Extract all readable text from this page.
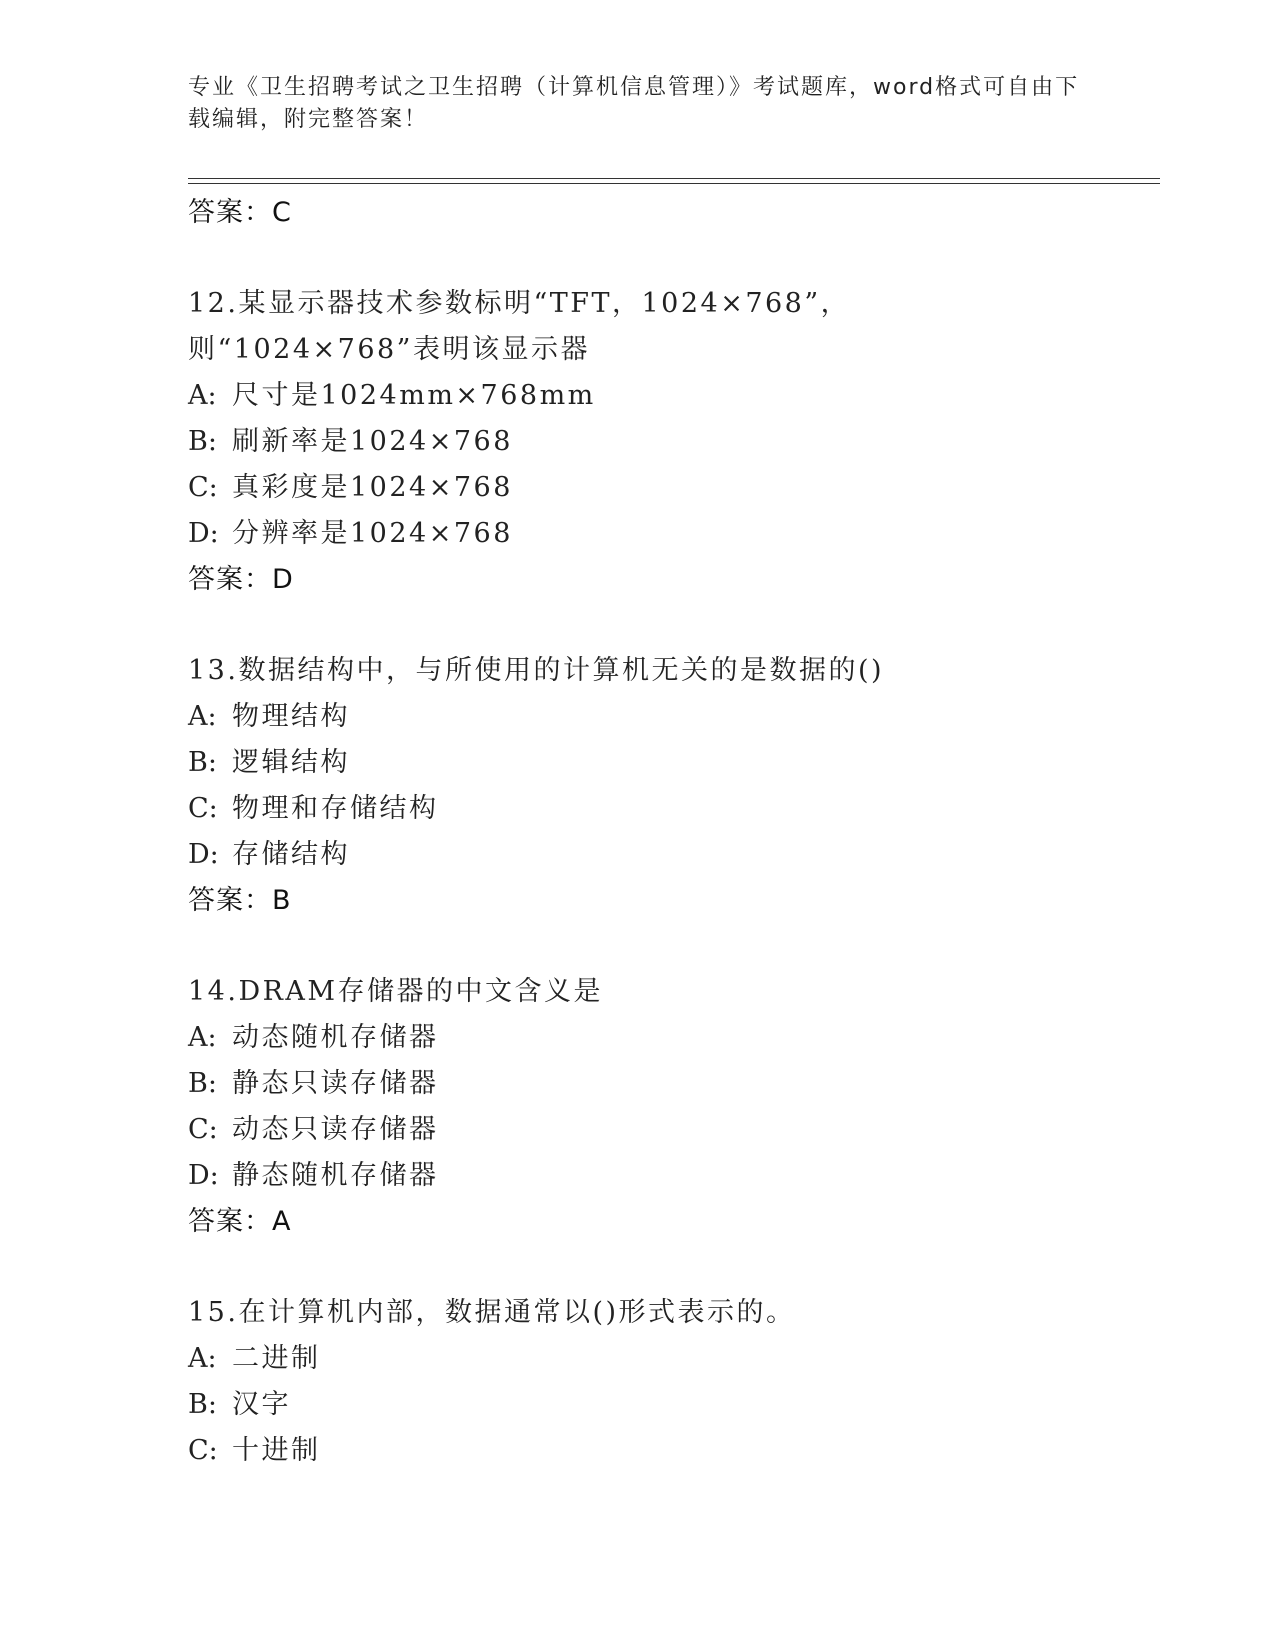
专业《卫生招聘考试之卫生招聘（计算机信息管理）》考试题库，word格式可自由下载编辑，附完整答案！
答案：C
12.某显示器技术参数标明“TFT，1024×768”，则“1024×768”表明该显示器
A: 尺寸是1024mm×768mm
B: 刷新率是1024×768
C: 真彩度是1024×768
D: 分辨率是1024×768
答案：D
13.数据结构中，与所使用的计算机无关的是数据的()
A: 物理结构
B: 逻辑结构
C: 物理和存储结构
D: 存储结构
答案：B
14.DRAM存储器的中文含义是
A: 动态随机存储器
B: 静态只读存储器
C: 动态只读存储器
D: 静态随机存储器
答案：A
15.在计算机内部，数据通常以()形式表示的。
A: 二进制
B: 汉字
C: 十进制
